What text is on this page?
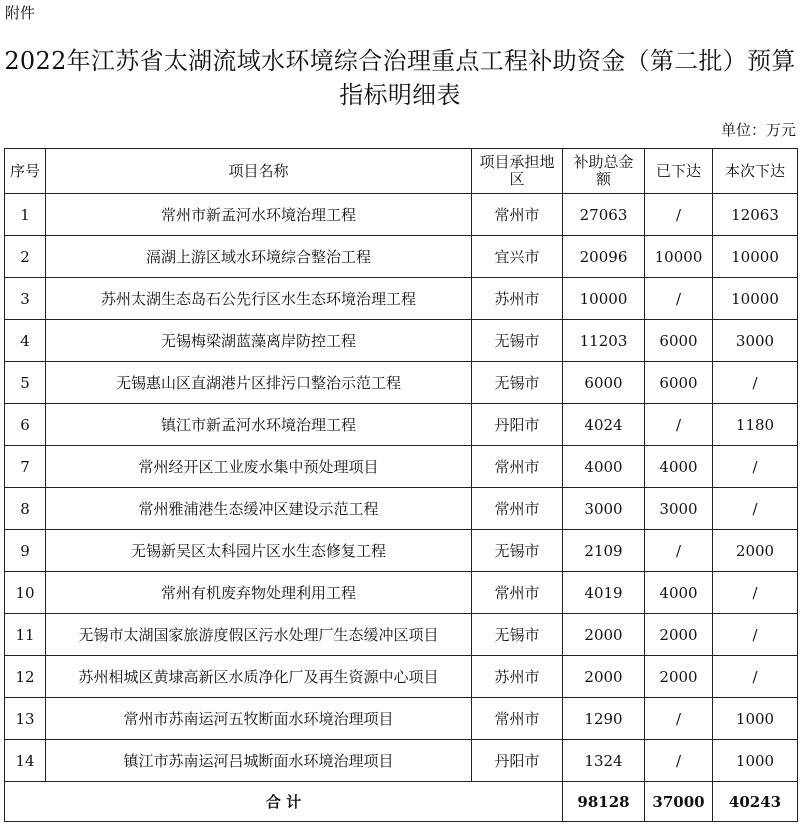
附件
2022年江苏省太湖流域水环境综合治理重点工程补助资金（第二批）预算
指标明细表
单位：万元
序号	项目名称	项目承担地区	补助总金额	已下达	本次下达
1	常州市新孟河水环境治理工程	常州市	27063	/	12063
2	滆湖上游区域水环境综合整治工程	宜兴市	20096	10000	10000
3	苏州太湖生态岛石公先行区水生态环境治理工程	苏州市	10000	/	10000
4	无锡梅梁湖蓝藻离岸防控工程	无锡市	11203	6000	3000
5	无锡惠山区直湖港片区排污口整治示范工程	无锡市	6000	6000	/
6	镇江市新孟河水环境治理工程	丹阳市	4024	/	1180
7	常州经开区工业废水集中预处理项目	常州市	4000	4000	/
8	常州雅浦港生态缓冲区建设示范工程	常州市	3000	3000	/
9	无锡新吴区太科园片区水生态修复工程	无锡市	2109	/	2000
10	常州有机废弃物处理利用工程	常州市	4019	4000	/
11	无锡市太湖国家旅游度假区污水处理厂生态缓冲区项目	无锡市	2000	2000	/
12	苏州相城区黄埭高新区水质净化厂及再生资源中心项目	苏州市	2000	2000	/
13	常州市苏南运河五牧断面水环境治理项目	常州市	1290	/	1000
14	镇江市苏南运河吕城断面水环境治理项目	丹阳市	1324	/	1000
合 计			98128	37000	40243
